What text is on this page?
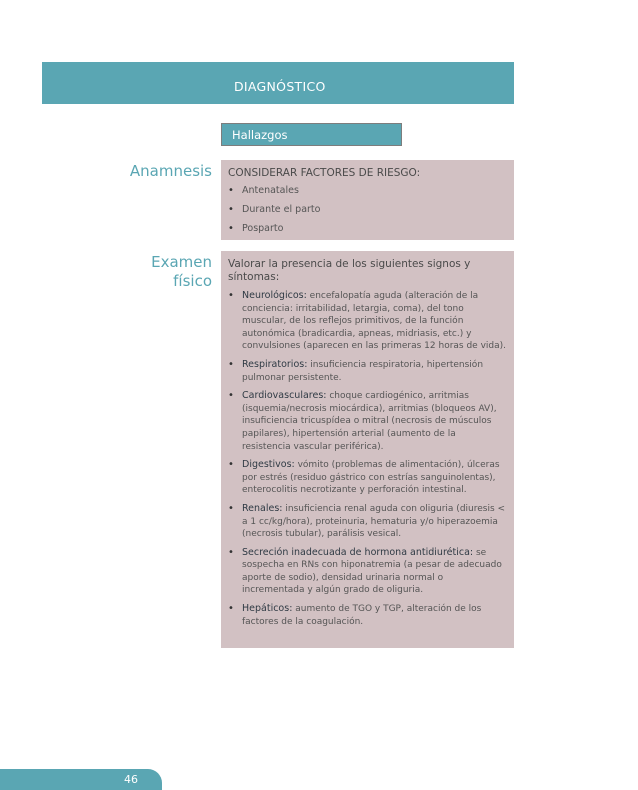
DIAGNÓSTICO
Hallazgos
Anamnesis CONSIDERAR FACTORES DE RIESGO:
• Antenatales
• Durante el parto
• Posparto
Examen
físico
Valorar la presencia de los siguientes signos y síntomas:
• Neurológicos: encefalopatía aguda (alteración de la conciencia: irritabilidad, letargia, coma), del tono muscular, de los reflejos primitivos, de la función autonómica (bradicardia, apneas, midriasis, etc.) y convulsiones (aparecen en las primeras 12 horas de vida).
• Respiratorios: insuficiencia respiratoria, hipertensión pulmonar persistente.
• Cardiovasculares: choque cardiogénico, arritmias (isquemia/necrosis miocárdica), arritmias (bloqueos AV), insuficiencia tricuspídea o mitral (necrosis de músculos papilares), hipertensión arterial (aumento de la resistencia vascular periférica).
• Digestivos: vómito (problemas de alimentación), úlceras por estrés (residuo gástrico con estrías sanguinolentas), enterocolitis necrotizante y perforación intestinal.
• Renales: insuficiencia renal aguda con oliguria (diuresis < a 1 cc/kg/hora), proteinuria, hematuria y/o hiperazoemia (necrosis tubular), parálisis vesical.
• Secreción inadecuada de hormona antidiurética: se sospecha en RNs con hiponatremia (a pesar de adecuado aporte de sodio), densidad urinaria normal o incrementada y algún grado de oliguria.
• Hepáticos: aumento de TGO y TGP, alteración de los factores de la coagulación.
46
